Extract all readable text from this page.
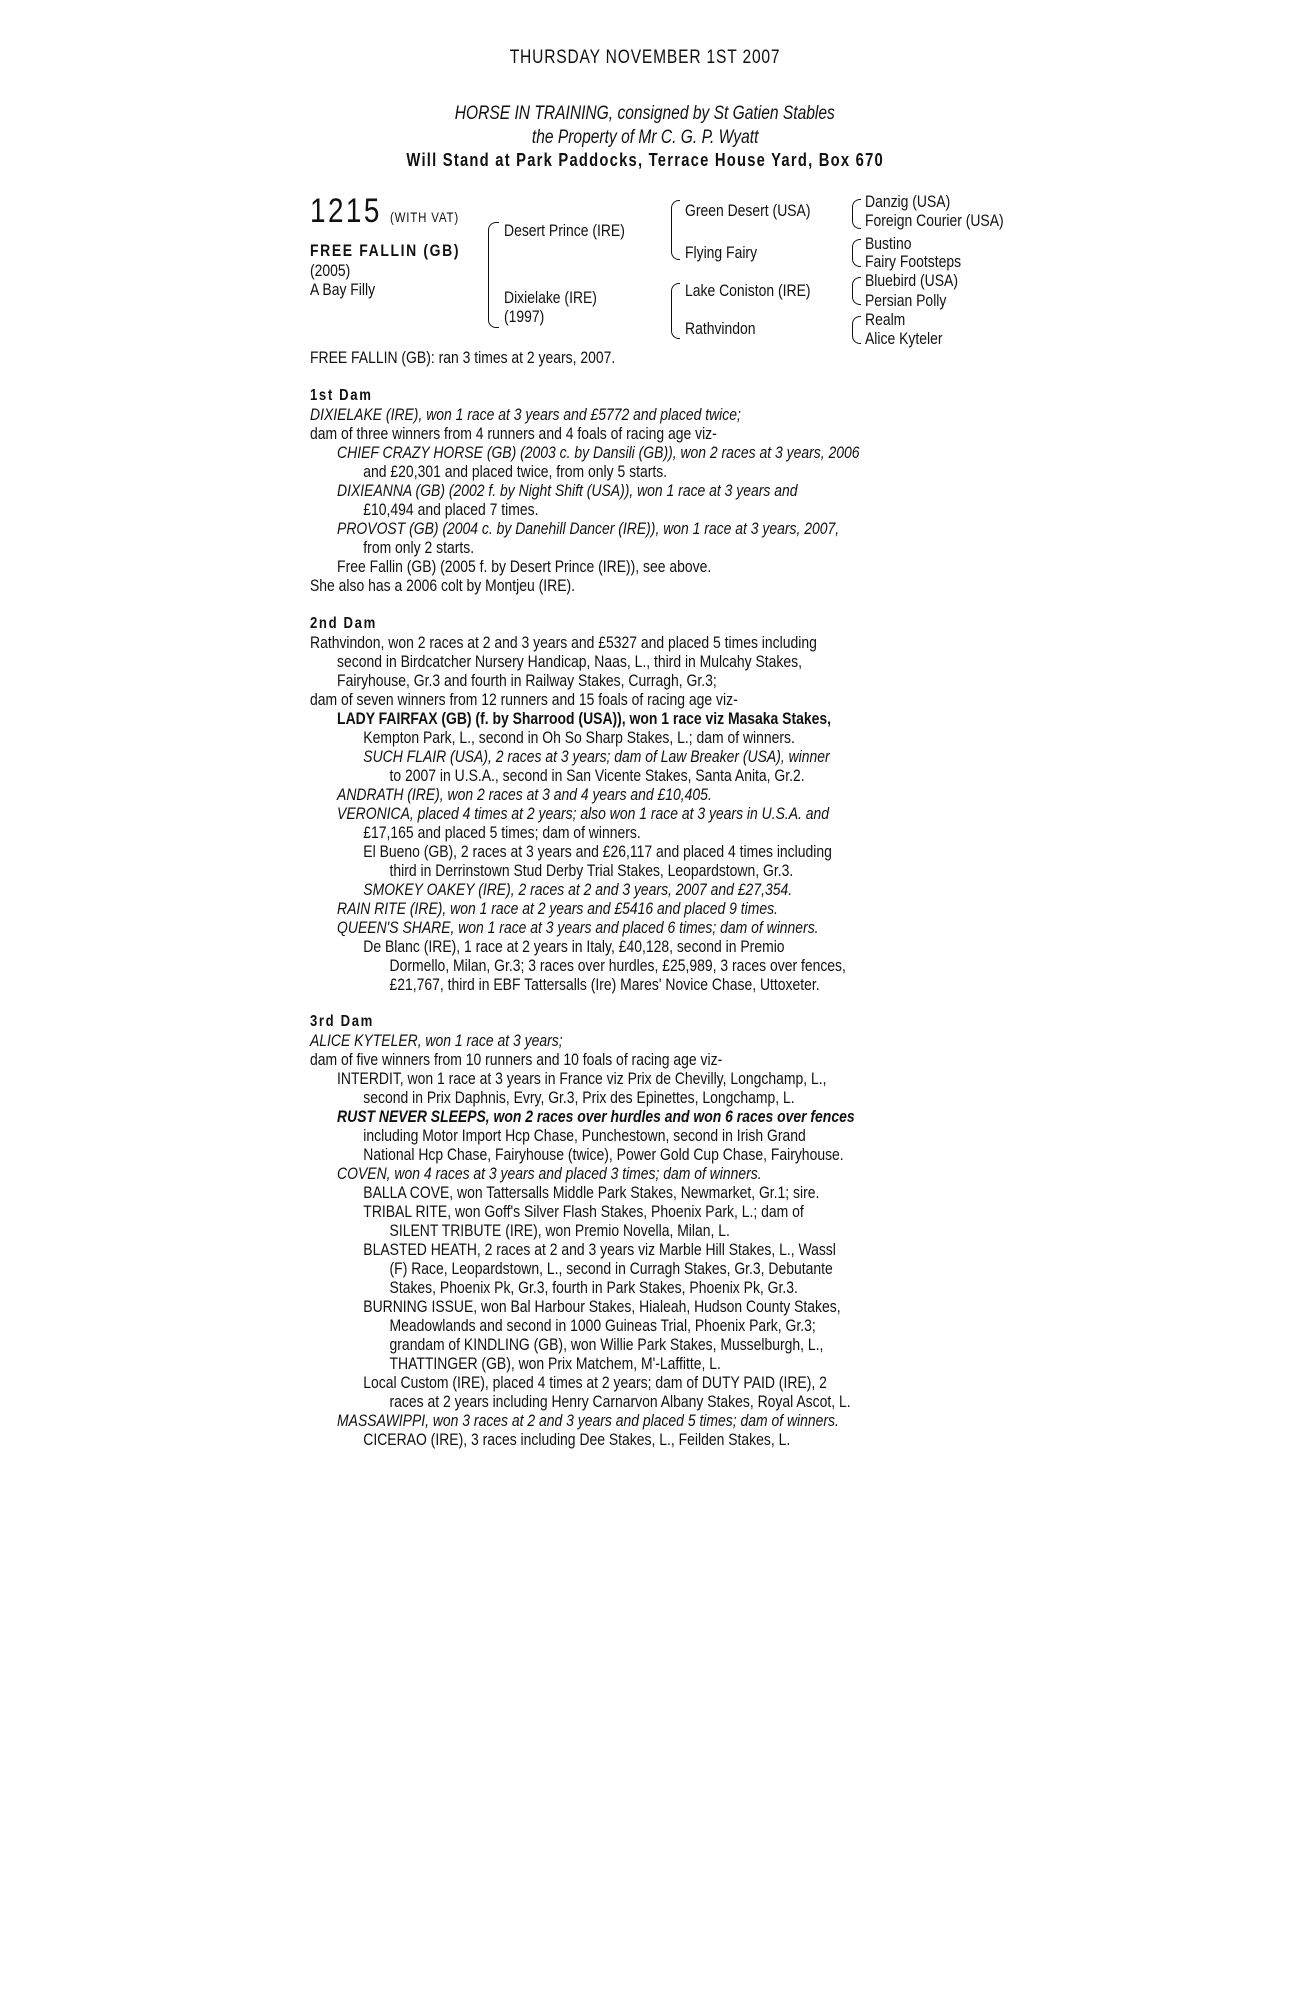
THURSDAY NOVEMBER 1ST 2007
HORSE IN TRAINING, consigned by St Gatien Stables
the Property of Mr C. G. P. Wyatt
Will Stand at Park Paddocks, Terrace House Yard, Box 670
1215 (WITH VAT)
FREE FALLIN (GB)
(2005)
A Bay Filly
Desert Prince (IRE)
Dixielake (IRE)
(1997)
Green Desert (USA)
Flying Fairy
Lake Coniston (IRE)
Rathvindon
Danzig (USA)
Foreign Courier (USA)
Bustino
Fairy Footsteps
Bluebird (USA)
Persian Polly
Realm
Alice Kyteler
FREE FALLIN (GB): ran 3 times at 2 years, 2007.
1st Dam
DIXIELAKE (IRE), won 1 race at 3 years and £5772 and placed twice;
dam of three winners from 4 runners and 4 foals of racing age viz-
CHIEF CRAZY HORSE (GB) (2003 c. by Dansili (GB)), won 2 races at 3 years, 2006
and £20,301 and placed twice, from only 5 starts.
DIXIEANNA (GB) (2002 f. by Night Shift (USA)), won 1 race at 3 years and
£10,494 and placed 7 times.
PROVOST (GB) (2004 c. by Danehill Dancer (IRE)), won 1 race at 3 years, 2007,
from only 2 starts.
Free Fallin (GB) (2005 f. by Desert Prince (IRE)), see above.
She also has a 2006 colt by Montjeu (IRE).
2nd Dam
Rathvindon, won 2 races at 2 and 3 years and £5327 and placed 5 times including
second in Birdcatcher Nursery Handicap, Naas, L., third in Mulcahy Stakes,
Fairyhouse, Gr.3 and fourth in Railway Stakes, Curragh, Gr.3;
dam of seven winners from 12 runners and 15 foals of racing age viz-
LADY FAIRFAX (GB) (f. by Sharrood (USA)), won 1 race viz Masaka Stakes,
Kempton Park, L., second in Oh So Sharp Stakes, L.; dam of winners.
SUCH FLAIR (USA), 2 races at 3 years; dam of Law Breaker (USA), winner
to 2007 in U.S.A., second in San Vicente Stakes, Santa Anita, Gr.2.
ANDRATH (IRE), won 2 races at 3 and 4 years and £10,405.
VERONICA, placed 4 times at 2 years; also won 1 race at 3 years in U.S.A. and
£17,165 and placed 5 times; dam of winners.
El Bueno (GB), 2 races at 3 years and £26,117 and placed 4 times including
third in Derrinstown Stud Derby Trial Stakes, Leopardstown, Gr.3.
SMOKEY OAKEY (IRE), 2 races at 2 and 3 years, 2007 and £27,354.
RAIN RITE (IRE), won 1 race at 2 years and £5416 and placed 9 times.
QUEEN'S SHARE, won 1 race at 3 years and placed 6 times; dam of winners.
De Blanc (IRE), 1 race at 2 years in Italy, £40,128, second in Premio
Dormello, Milan, Gr.3; 3 races over hurdles, £25,989, 3 races over fences,
£21,767, third in EBF Tattersalls (Ire) Mares' Novice Chase, Uttoxeter.
3rd Dam
ALICE KYTELER, won 1 race at 3 years;
dam of five winners from 10 runners and 10 foals of racing age viz-
INTERDIT, won 1 race at 3 years in France viz Prix de Chevilly, Longchamp, L.,
second in Prix Daphnis, Evry, Gr.3, Prix des Epinettes, Longchamp, L.
RUST NEVER SLEEPS, won 2 races over hurdles and won 6 races over fences
including Motor Import Hcp Chase, Punchestown, second in Irish Grand
National Hcp Chase, Fairyhouse (twice), Power Gold Cup Chase, Fairyhouse.
COVEN, won 4 races at 3 years and placed 3 times; dam of winners.
BALLA COVE, won Tattersalls Middle Park Stakes, Newmarket, Gr.1; sire.
TRIBAL RITE, won Goff's Silver Flash Stakes, Phoenix Park, L.; dam of
SILENT TRIBUTE (IRE), won Premio Novella, Milan, L.
BLASTED HEATH, 2 races at 2 and 3 years viz Marble Hill Stakes, L., Wassl
(F) Race, Leopardstown, L., second in Curragh Stakes, Gr.3, Debutante
Stakes, Phoenix Pk, Gr.3, fourth in Park Stakes, Phoenix Pk, Gr.3.
BURNING ISSUE, won Bal Harbour Stakes, Hialeah, Hudson County Stakes,
Meadowlands and second in 1000 Guineas Trial, Phoenix Park, Gr.3;
grandam of KINDLING (GB), won Willie Park Stakes, Musselburgh, L.,
THATTINGER (GB), won Prix Matchem, M'-Laffitte, L.
Local Custom (IRE), placed 4 times at 2 years; dam of DUTY PAID (IRE), 2
races at 2 years including Henry Carnarvon Albany Stakes, Royal Ascot, L.
MASSAWIPPI, won 3 races at 2 and 3 years and placed 5 times; dam of winners.
CICERAO (IRE), 3 races including Dee Stakes, L., Feilden Stakes, L.
